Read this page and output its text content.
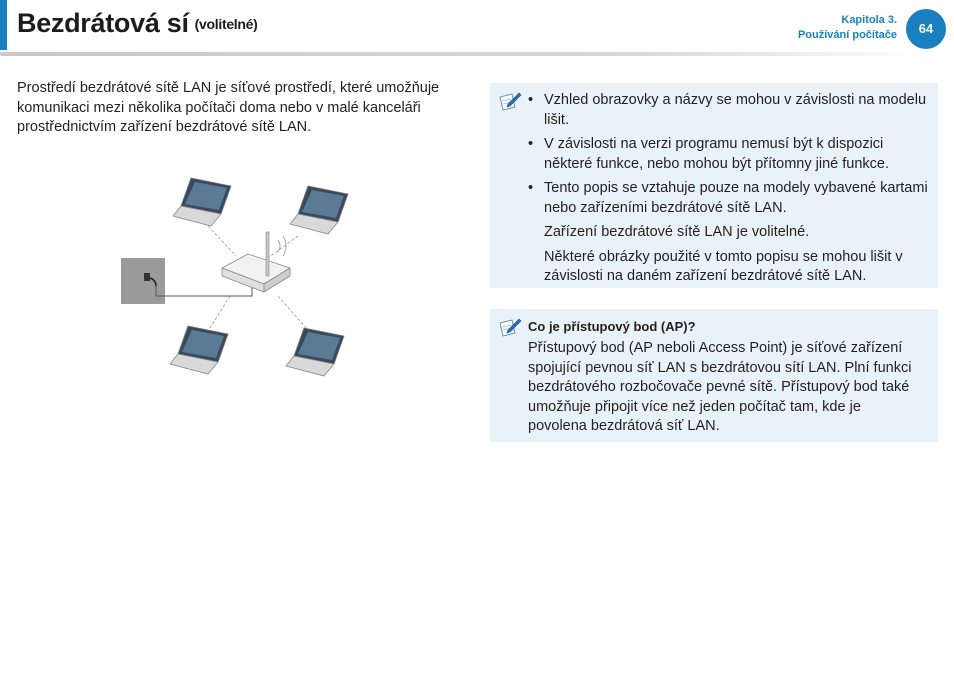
Bezdrátová sí (volitelné)	Kapitola 3.
Používání počítače	64
Prostředí bezdrátové sítě LAN je síťové prostředí, které umožňuje komunikaci mezi několika počítači doma nebo v malé kanceláři prostřednictvím zařízení bezdrátové sítě LAN.
• Vzhled obrazovky a názvy se mohou v závislosti na modelu lišit.
• V závislosti na verzi programu nemusí být k dispozici některé funkce, nebo mohou být přítomny jiné funkce.
• Tento popis se vztahuje pouze na modely vybavené kartami nebo zařízeními bezdrátové sítě LAN.
Zařízení bezdrátové sítě LAN je volitelné.
Některé obrázky použité v tomto popisu se mohou lišit v závislosti na daném zařízení bezdrátové sítě LAN.
Co je přístupový bod (AP)?
Přístupový bod (AP neboli Access Point) je síťové zařízení spojující pevnou síť LAN s bezdrátovou sítí LAN. Plní funkci bezdrátového rozbočovače pevné sítě. Přístupový bod také umožňuje připojit více než jeden počítač tam, kde je povolena bezdrátová síť LAN.
